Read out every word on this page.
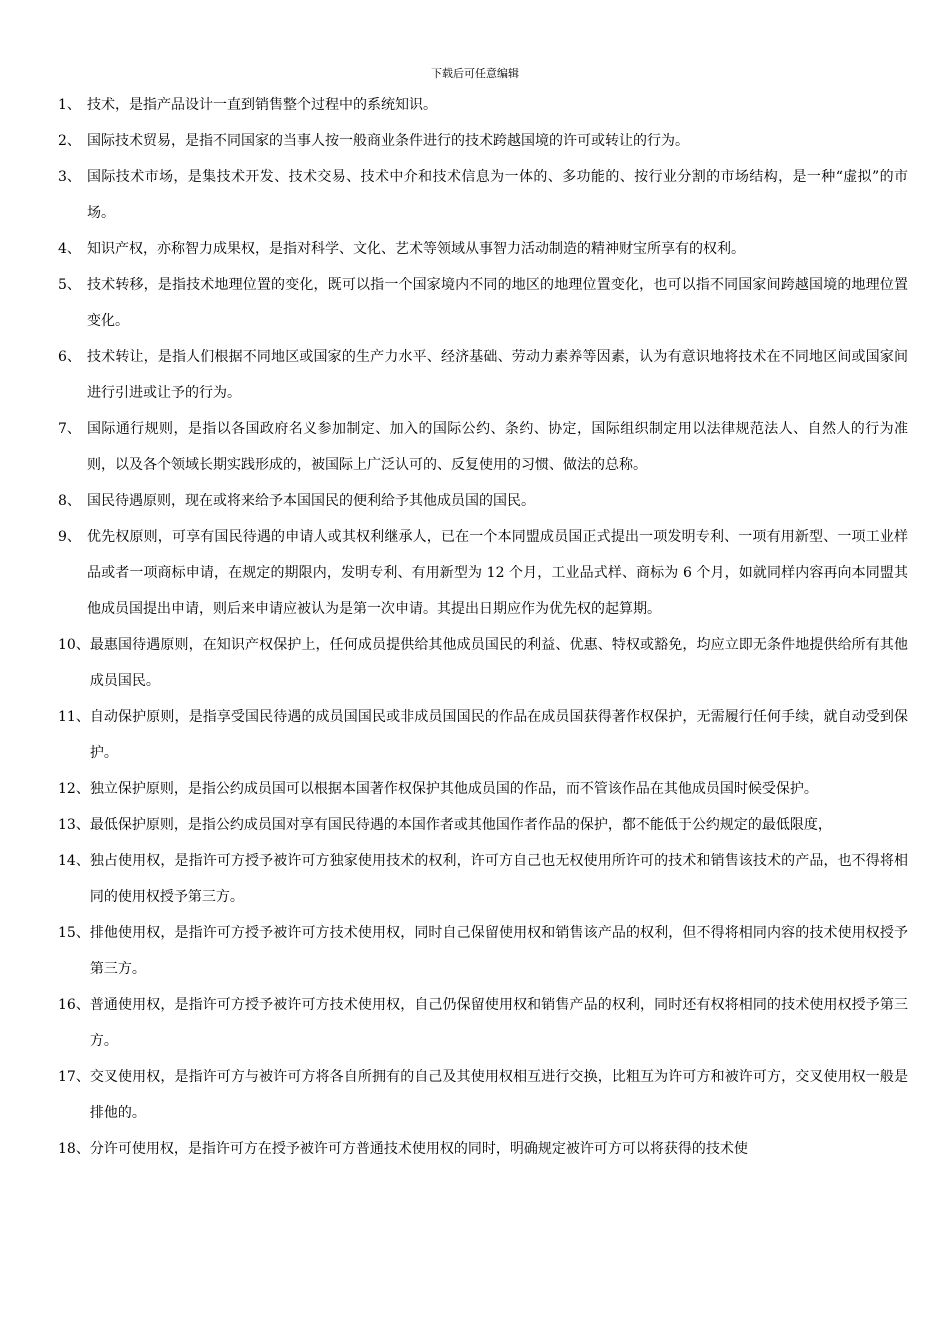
下载后可任意编辑
1、 技术，是指产品设计一直到销售整个过程中的系统知识。
2、 国际技术贸易，是指不同国家的当事人按一般商业条件进行的技术跨越国境的许可或转让的行为。
3、 国际技术市场，是集技术开发、技术交易、技术中介和技术信息为一体的、多功能的、按行业分割的市场结构，是一种“虚拟”的市场。
4、 知识产权，亦称智力成果权，是指对科学、文化、艺术等领域从事智力活动制造的精神财宝所享有的权利。
5、 技术转移，是指技术地理位置的变化，既可以指一个国家境内不同的地区的地理位置变化，也可以指不同国家间跨越国境的地理位置变化。
6、 技术转让，是指人们根据不同地区或国家的生产力水平、经济基础、劳动力素养等因素，认为有意识地将技术在不同地区间或国家间进行引进或让予的行为。
7、 国际通行规则，是指以各国政府名义参加制定、加入的国际公约、条约、协定，国际组织制定用以法律规范法人、自然人的行为准则，以及各个领域长期实践形成的，被国际上广泛认可的、反复使用的习惯、做法的总称。
8、 国民待遇原则，现在或将来给予本国国民的便利给予其他成员国的国民。
9、 优先权原则，可享有国民待遇的申请人或其权利继承人，已在一个本同盟成员国正式提出一项发明专利、一项有用新型、一项工业样品或者一项商标申请，在规定的期限内，发明专利、有用新型为 12 个月，工业品式样、商标为 6 个月，如就同样内容再向本同盟其他成员国提出申请，则后来申请应被认为是第一次申请。其提出日期应作为优先权的起算期。
10、 最惠国待遇原则，在知识产权保护上，任何成员提供给其他成员国民的利益、优惠、特权或豁免，均应立即无条件地提供给所有其他成员国民。
11、 自动保护原则，是指享受国民待遇的成员国国民或非成员国国民的作品在成员国获得著作权保护，无需履行任何手续，就自动受到保护。
12、 独立保护原则，是指公约成员国可以根据本国著作权保护其他成员国的作品，而不管该作品在其他成员国时候受保护。
13、 最低保护原则，是指公约成员国对享有国民待遇的本国作者或其他国作者作品的保护，都不能低于公约规定的最低限度，
14、 独占使用权，是指许可方授予被许可方独家使用技术的权利，许可方自己也无权使用所许可的技术和销售该技术的产品，也不得将相同的使用权授予第三方。
15、 排他使用权，是指许可方授予被许可方技术使用权，同时自己保留使用权和销售该产品的权利，但不得将相同内容的技术使用权授予第三方。
16、 普通使用权，是指许可方授予被许可方技术使用权，自己仍保留使用权和销售产品的权利，同时还有权将相同的技术使用权授予第三方。
17、 交叉使用权，是指许可方与被许可方将各自所拥有的自己及其使用权相互进行交换，比粗互为许可方和被许可方，交叉使用权一般是排他的。
18、 分许可使用权，是指许可方在授予被许可方普通技术使用权的同时，明确规定被许可方可以将获得的技术使
